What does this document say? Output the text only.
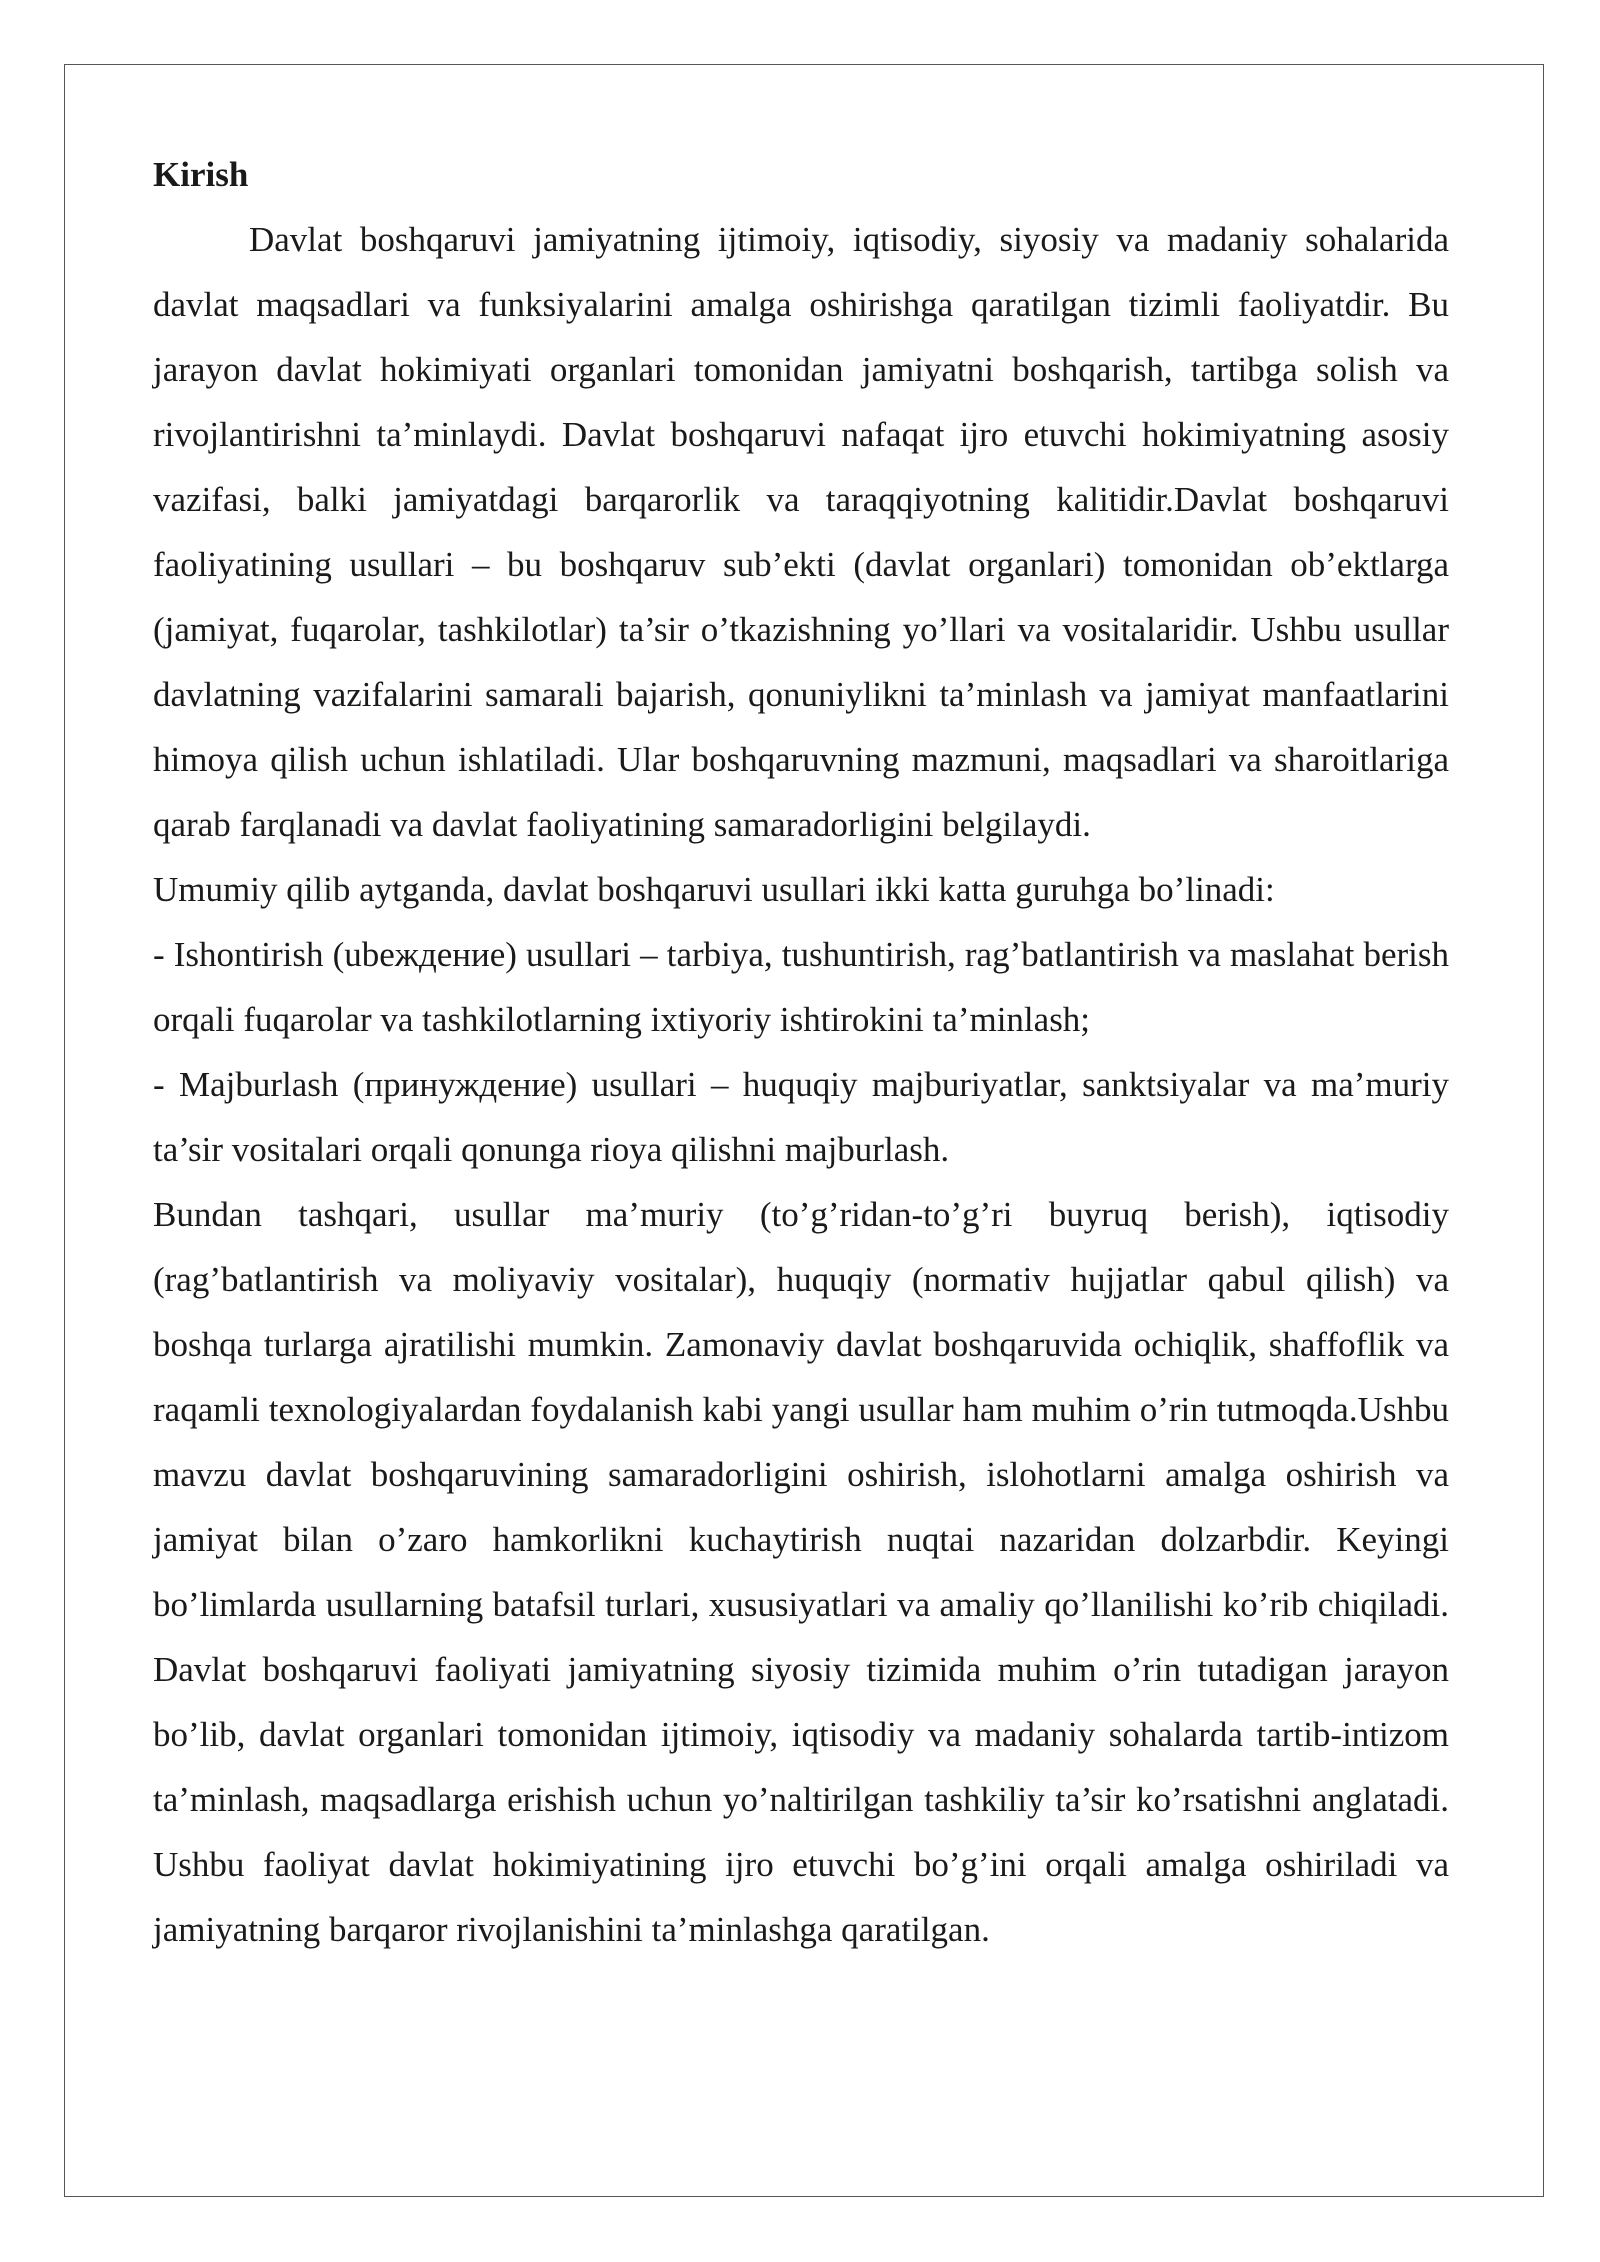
Kirish

Davlat boshqaruvi jamiyatning ijtimoiy, iqtisodiy, siyosiy va madaniy sohalarida davlat maqsadlari va funksiyalarini amalga oshirishga qaratilgan tizimli faoliyatdir. Bu jarayon davlat hokimiyati organlari tomonidan jamiyatni boshqarish, tartibga solish va rivojlantirishni ta’minlaydi. Davlat boshqaruvi nafaqat ijro etuvchi hokimiyatning asosiy vazifasi, balki jamiyatdagi barqarorlik va taraqqiyotning kalitidir.Davlat boshqaruvi faoliyatining usullari – bu boshqaruv sub’ekti (davlat organlari) tomonidan ob’ektlarga (jamiyat, fuqarolar, tashkilotlar) ta’sir o’tkazishning yo’llari va vositalaridir. Ushbu usullar davlatning vazifalarini samarali bajarish, qonuniylikni ta’minlash va jamiyat manfaatlarini himoya qilish uchun ishlatiladi. Ular boshqaruvning mazmuni, maqsadlari va sharoitlariga qarab farqlanadi va davlat faoliyatining samaradorligini belgilaydi.

Umumiy qilib aytganda, davlat boshqaruvi usullari ikki katta guruhga bo’linadi:

- Ishontirish (ubеждение) usullari – tarbiya, tushuntirish, rag’batlantirish va maslahat berish orqali fuqarolar va tashkilotlarning ixtiyoriy ishtirokini ta’minlash;

- Majburlash (принуждение) usullari – huquqiy majburiyatlar, sanktsiyalar va ma’muriy ta’sir vositalari orqali qonunga rioya qilishni majburlash.

Bundan tashqari, usullar ma’muriy (to’g’ridan-to’g’ri buyruq berish), iqtisodiy (rag’batlantirish va moliyaviy vositalar), huquqiy (normativ hujjatlar qabul qilish) va boshqa turlarga ajratilishi mumkin. Zamonaviy davlat boshqaruvida ochiqlik, shaffoflik va raqamli texnologiyalardan foydalanish kabi yangi usullar ham muhim o’rin tutmoqda.Ushbu mavzu davlat boshqaruvining samaradorligini oshirish, islohotlarni amalga oshirish va jamiyat bilan o’zaro hamkorlikni kuchaytirish nuqtai nazaridan dolzarbdir. Keyingi bo’limlarda usullarning batafsil turlari, xususiyatlari va amaliy qo’llanilishi ko’rib chiqiladi. Davlat boshqaruvi faoliyati jamiyatning siyosiy tizimida muhim o’rin tutadigan jarayon bo’lib, davlat organlari tomonidan ijtimoiy, iqtisodiy va madaniy sohalarda tartib-intizom ta’minlash, maqsadlarga erishish uchun yo’naltirilgan tashkiliy ta’sir ko’rsatishni anglatadi. Ushbu faoliyat davlat hokimiyatining ijro etuvchi bo’g’ini orqali amalga oshiriladi va jamiyatning barqaror rivojlanishini ta’minlashga qaratilgan.
